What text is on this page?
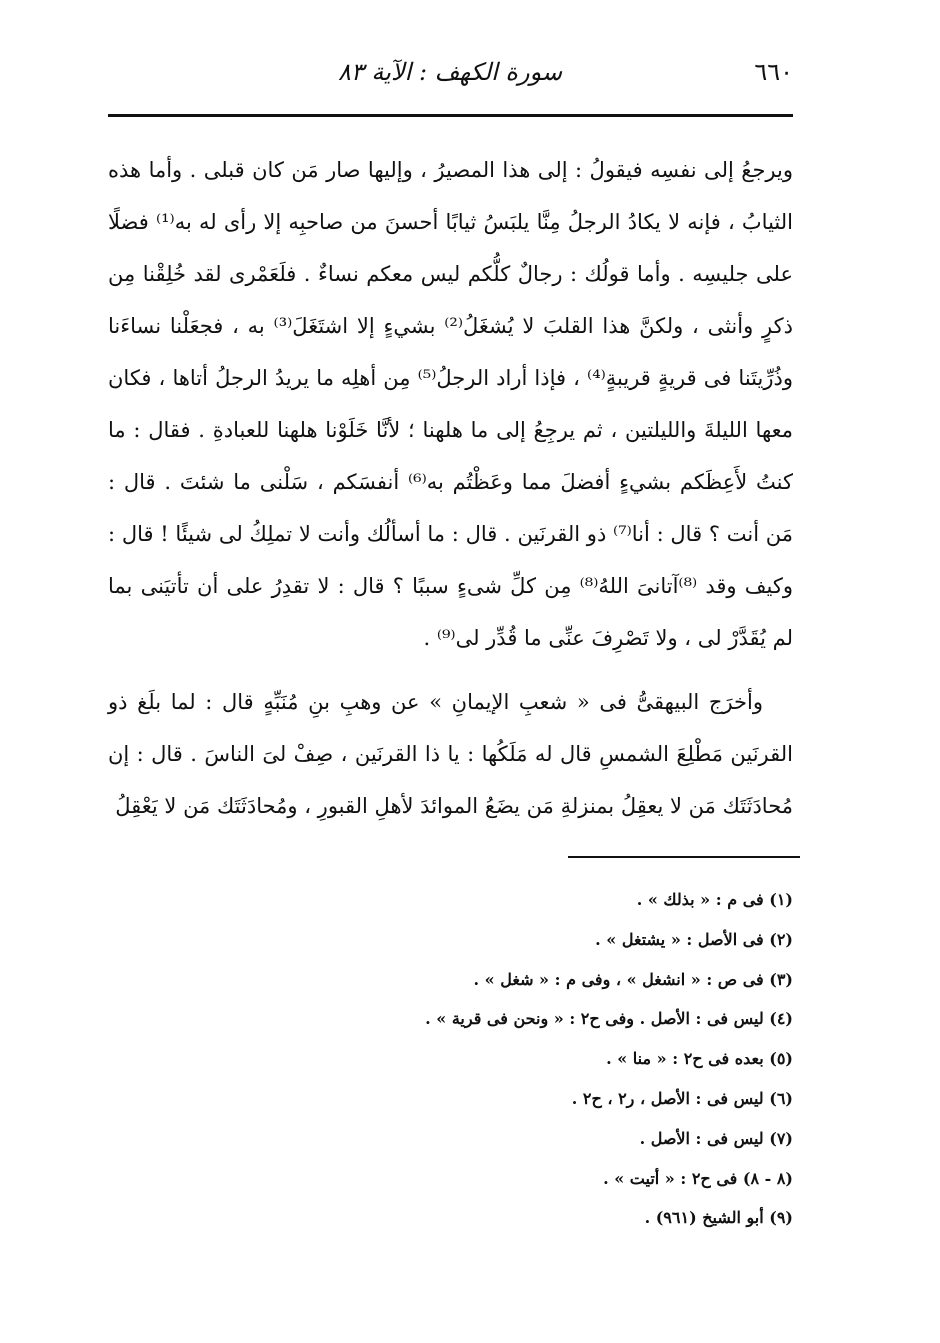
٦٦٠
سورة الكهف : الآية ٨٣

ويرجعُ إلى نفسِه فيقولُ : إلى هذا المصيرُ ، وإليها صار مَن كان قبلى . وأما هذه الثيابُ ، فإنه لا يكادُ الرجلُ مِنَّا يلبَسُ ثيابًا أحسنَ من صاحبِه إلا رأى له به⁽¹⁾ فضلًا على جليسِه . وأما قولُك : رجالٌ كلُّكم ليس معكم نساءٌ . فلَعَمْرى لقد خُلِقْنا مِن ذكرٍ وأنثى ، ولكنَّ هذا القلبَ لا يُشغَلُ⁽²⁾ بشيءٍ إلا اشتَغَلَ⁽³⁾ به ، فجعَلْنا نساءَنا وذُرِّيتَنا فى قريةٍ قريبةٍ⁽⁴⁾ ، فإذا أراد الرجلُ⁽⁵⁾ مِن أهلِه ما يريدُ الرجلُ أتاها ، فكان معها الليلةَ والليلتين ، ثم يرجِعُ إلى ما هلهنا ؛ لأنَّا خَلَوْنا هلهنا للعبادةِ . فقال : ما كنتُ لأَعِظَكم بشيءٍ أفضلَ مما وعَظْتُم به⁽⁶⁾ أنفسَكم ، سَلْنى ما شئتَ . قال : مَن أنت ؟ قال : أنا⁽⁷⁾ ذو القرنَين . قال : ما أسألُك وأنت لا تملِكُ لى شيئًا ! قال : وكيف وقد ⁽⁸⁾آتانىَ اللهُ⁽⁸⁾ مِن كلِّ شىءٍ سببًا ؟ قال : لا تقدِرُ على أن تأتيَنى بما لم يُقَدَّرْ لى ، ولا تَصْرِفَ عنِّى ما قُدِّر لى⁽⁹⁾ .

وأخرَج البيهقىُّ فى « شعبِ الإيمانِ » عن وهبِ بنِ مُنَبِّهٍ قال : لما بلَغ ذو القرنَين مَطْلِعَ الشمسِ قال له مَلَكُها : يا ذا القرنَين ، صِفْ لىَ الناسَ . قال : إن مُحادَثَتَك مَن لا يعقِلُ بمنزلةِ مَن يضَعُ الموائدَ لأهلِ القبورِ ، ومُحادَثَتَك مَن لا يَعْقِلُ

(١) فى م : « بذلك » .
(٢) فى الأصل : « يشتغل » .
(٣) فى ص : « انشغل » ، وفى م : « شغل » .
(٤) ليس فى : الأصل . وفى ح٢ : « ونحن فى قرية » .
(٥) بعده فى ح٢ : « منا » .
(٦) ليس فى : الأصل ، ر٢ ، ح٢ .
(٧) ليس فى : الأصل .
(٨ - ٨) فى ح٢ : « أتيت » .
(٩) أبو الشيخ (٩٦١) .
